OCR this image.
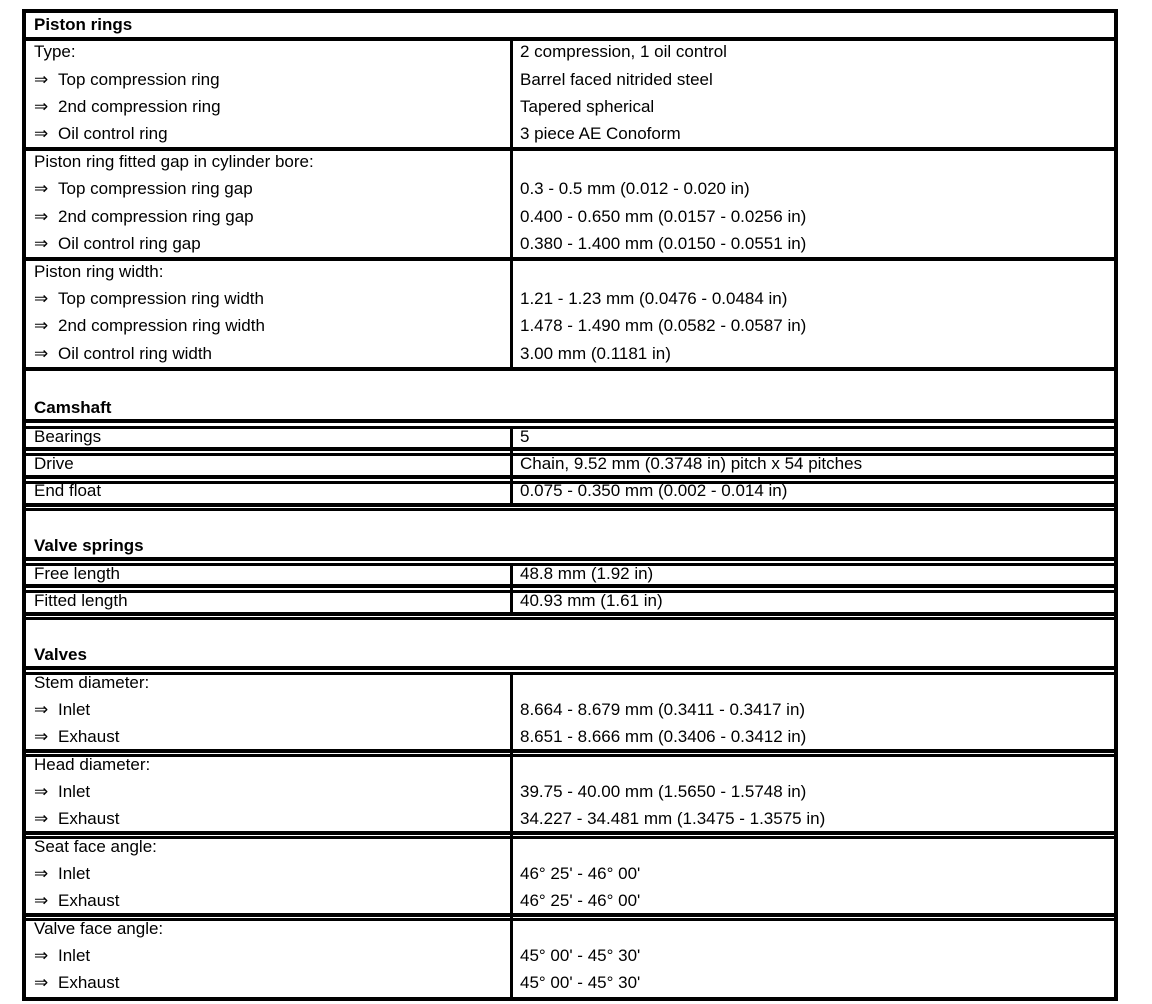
Piston rings
Type:	2 compression, 1 oil control
⇒ Top compression ring	Barrel faced nitrided steel
⇒ 2nd compression ring	Tapered spherical
⇒ Oil control ring	3 piece AE Conoform
Piston ring fitted gap in cylinder bore:
⇒ Top compression ring gap	0.3 - 0.5 mm (0.012 - 0.020 in)
⇒ 2nd compression ring gap	0.400 - 0.650 mm (0.0157 - 0.0256 in)
⇒ Oil control ring gap	0.380 - 1.400 mm (0.0150 - 0.0551 in)
Piston ring width:
⇒ Top compression ring width	1.21 - 1.23 mm (0.0476 - 0.0484 in)
⇒ 2nd compression ring width	1.478 - 1.490 mm (0.0582 - 0.0587 in)
⇒ Oil control ring width	3.00 mm (0.1181 in)
Camshaft
Bearings	5
Drive	Chain, 9.52 mm (0.3748 in) pitch x 54 pitches
End float	0.075 - 0.350 mm (0.002 - 0.014 in)
Valve springs
Free length	48.8 mm (1.92 in)
Fitted length	40.93 mm (1.61 in)
Valves
Stem diameter:
⇒ Inlet	8.664 - 8.679 mm (0.3411 - 0.3417 in)
⇒ Exhaust	8.651 - 8.666 mm (0.3406 - 0.3412 in)
Head diameter:
⇒ Inlet	39.75 - 40.00 mm (1.5650 - 1.5748 in)
⇒ Exhaust	34.227 - 34.481 mm (1.3475 - 1.3575 in)
Seat face angle:
⇒ Inlet	46° 25' - 46° 00'
⇒ Exhaust	46° 25' - 46° 00'
Valve face angle:
⇒ Inlet	45° 00' - 45° 30'
⇒ Exhaust	45° 00' - 45° 30'
